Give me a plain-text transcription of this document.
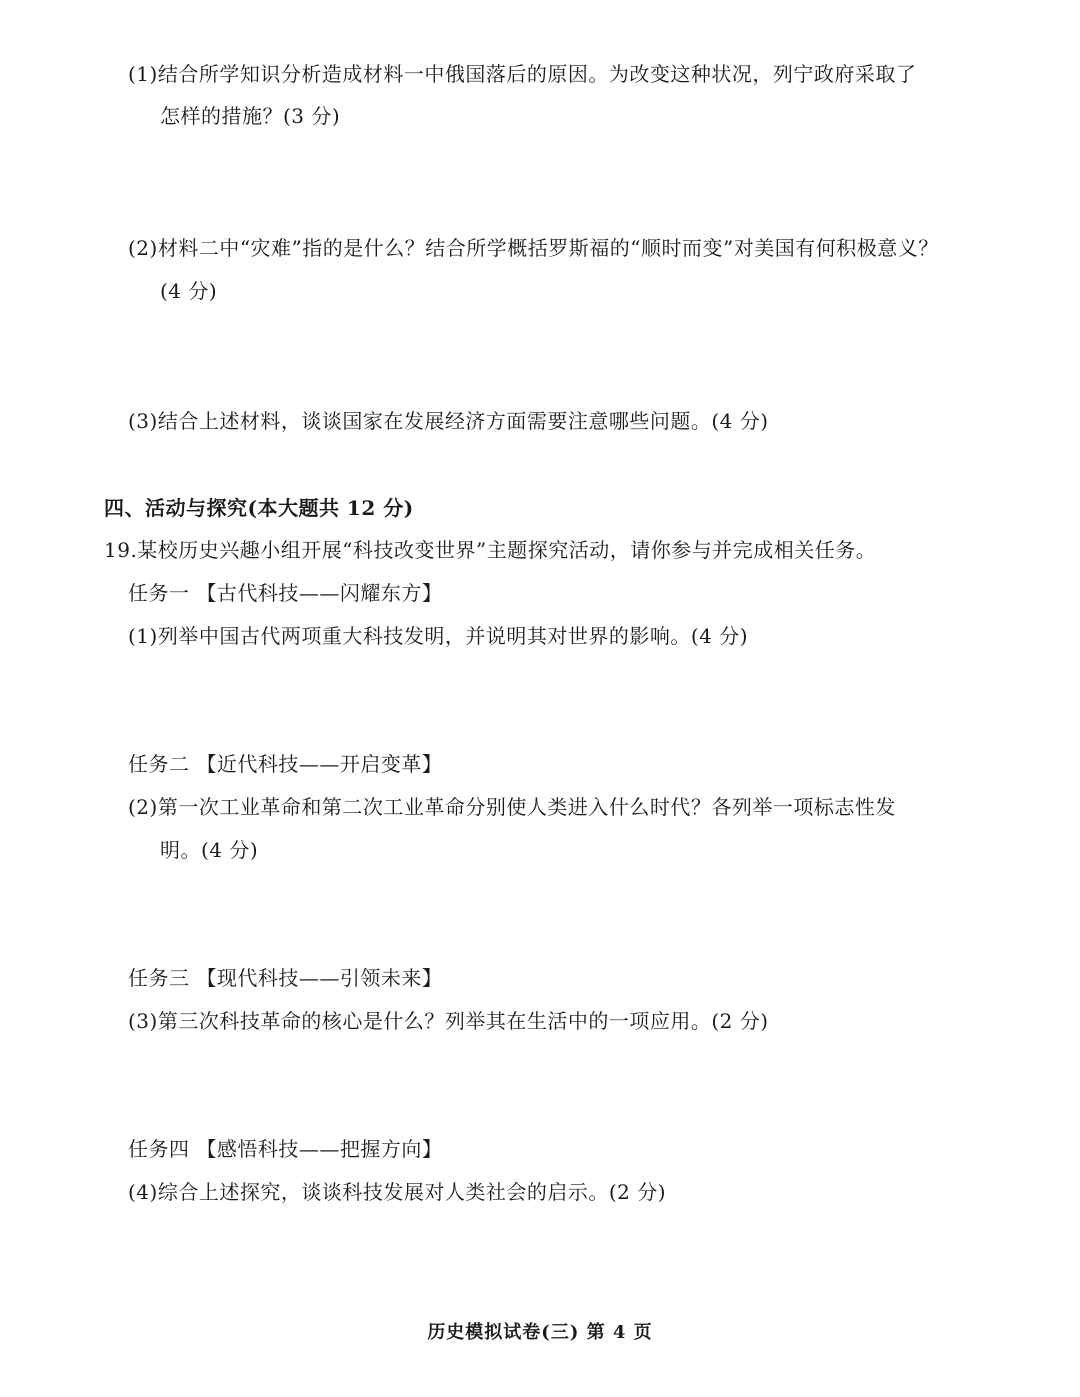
(1)结合所学知识分析造成材料一中俄国落后的原因。为改变这种状况，列宁政府采取了
怎样的措施？(3 分)
(2)材料二中“灾难”指的是什么？结合所学概括罗斯福的“顺时而变”对美国有何积极意义？
(4 分)
(3)结合上述材料，谈谈国家在发展经济方面需要注意哪些问题。(4 分)
四、活动与探究(本大题共 12 分)
19.某校历史兴趣小组开展“科技改变世界”主题探究活动，请你参与并完成相关任务。
任务一 【古代科技——闪耀东方】
(1)列举中国古代两项重大科技发明，并说明其对世界的影响。(4 分)
任务二 【近代科技——开启变革】
(2)第一次工业革命和第二次工业革命分别使人类进入什么时代？各列举一项标志性发
明。(4 分)
任务三 【现代科技——引领未来】
(3)第三次科技革命的核心是什么？列举其在生活中的一项应用。(2 分)
任务四 【感悟科技——把握方向】
(4)综合上述探究，谈谈科技发展对人类社会的启示。(2 分)
历史模拟试卷(三) 第 4 页
